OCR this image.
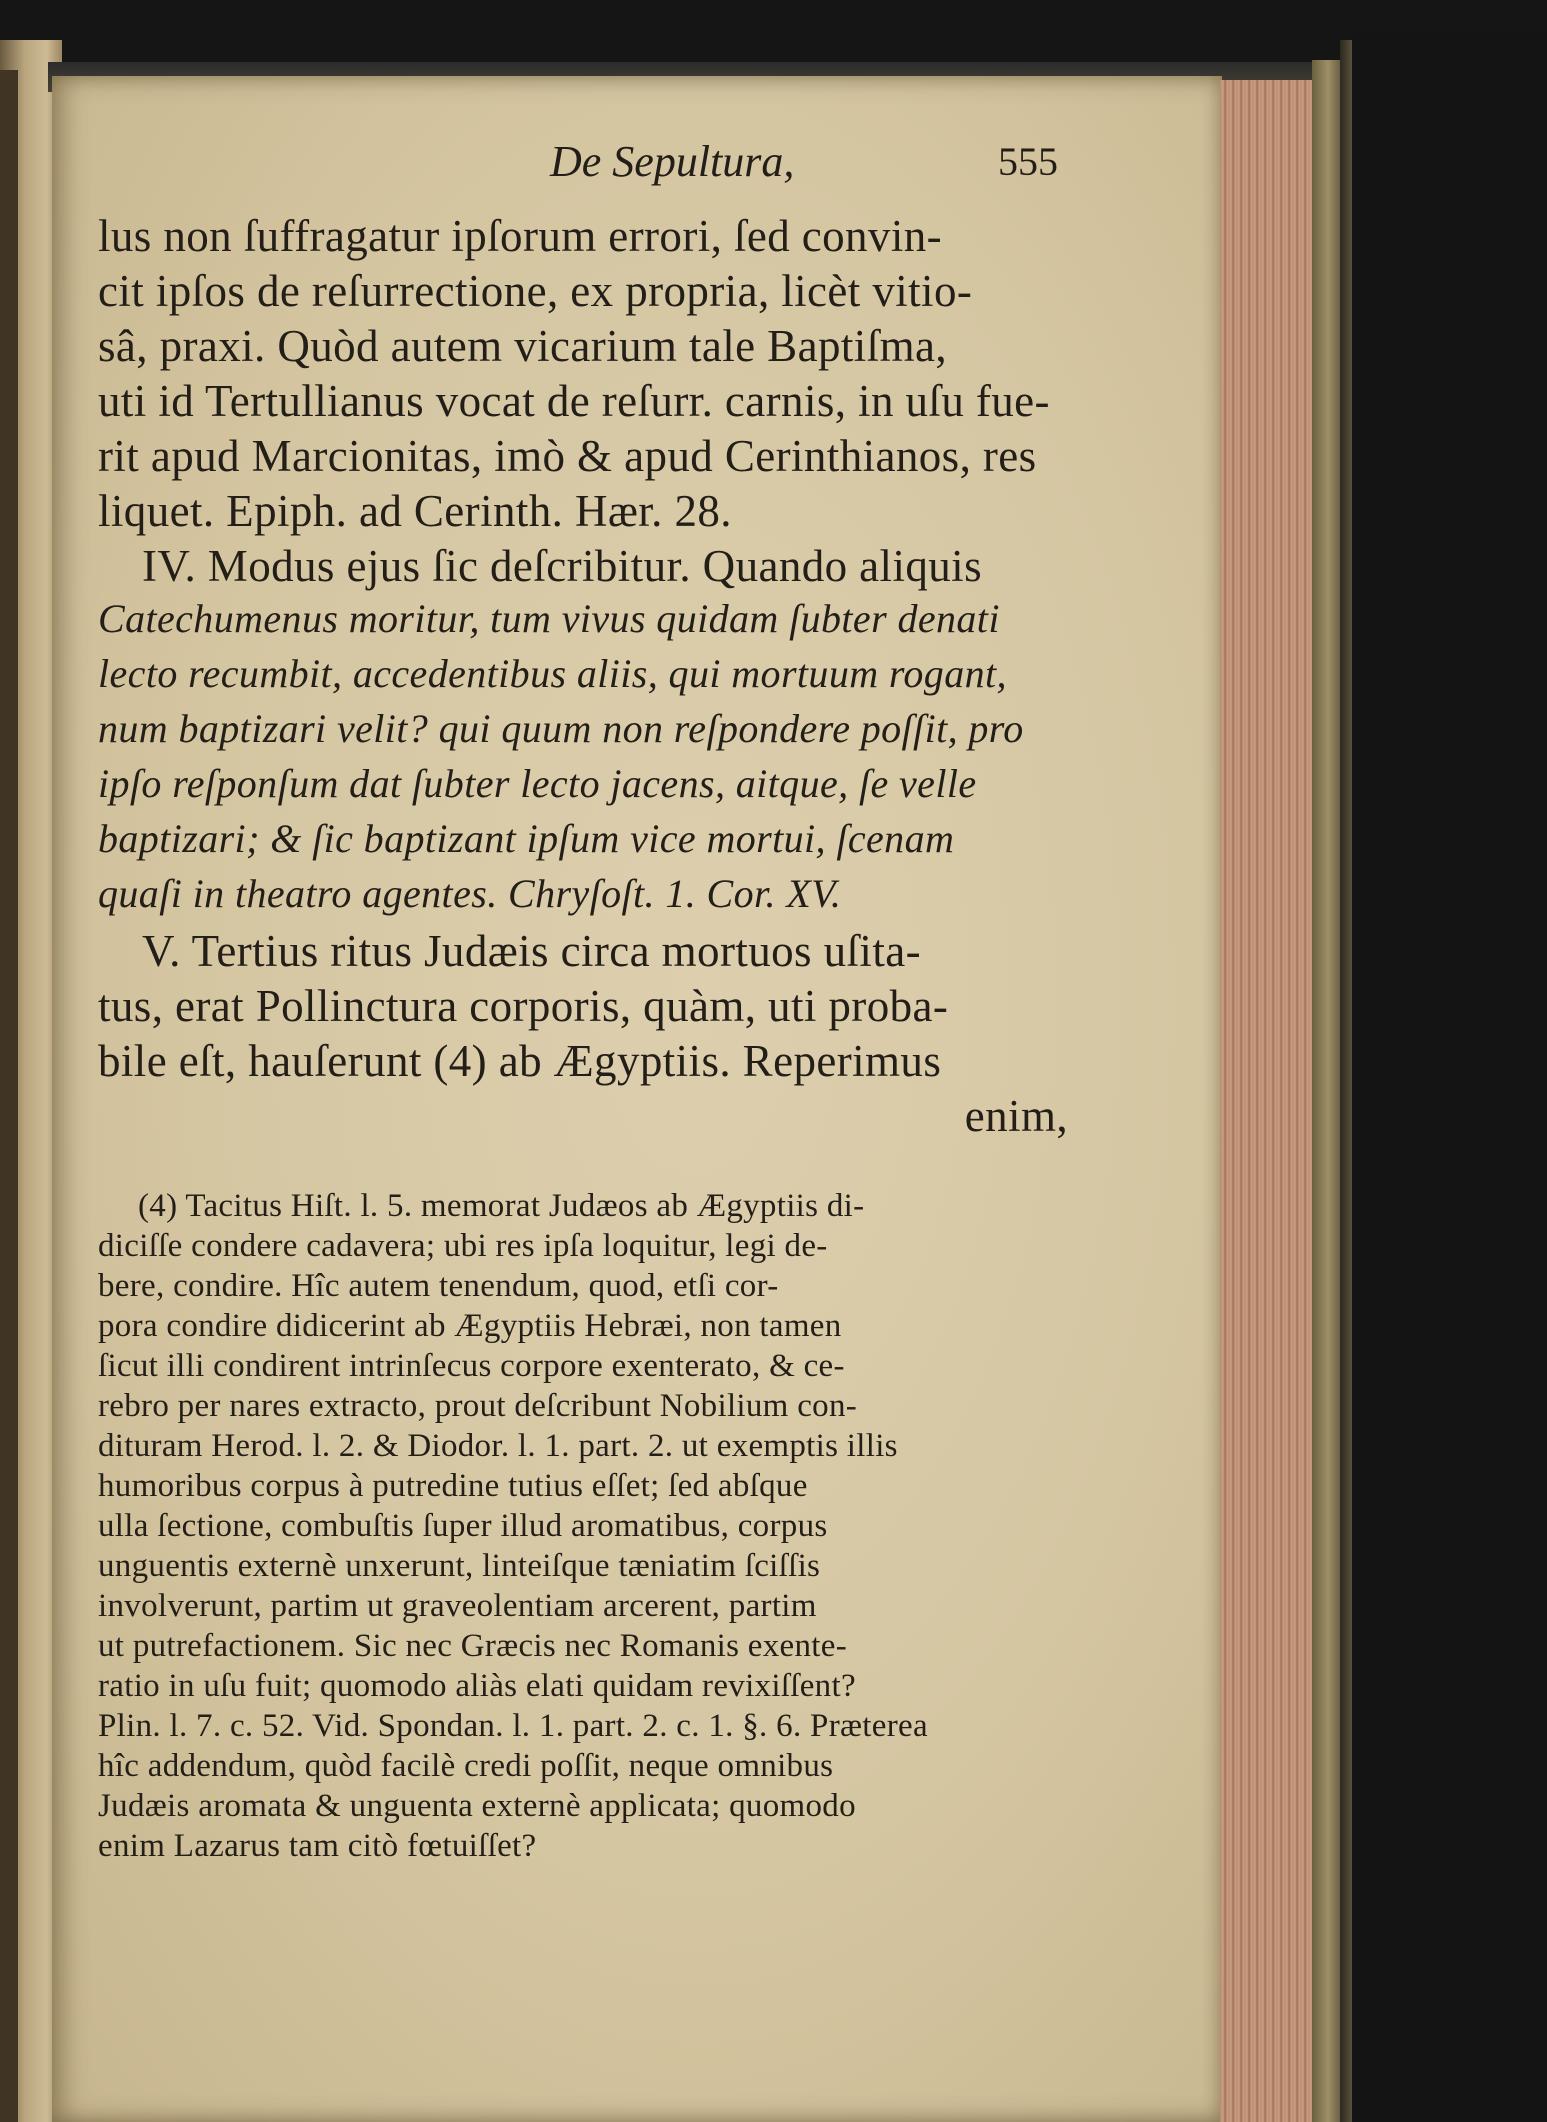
De Sepultura,	555
lus non ſuffragatur ipſorum errori, ſed convin-
cit ipſos de reſurrectione, ex propria, licèt vitio-
sâ, praxi. Quòd autem vicarium tale Baptiſma,
uti id Tertullianus vocat de reſurr. carnis, in uſu fue-
rit apud Marcionitas, imò & apud Cerinthianos, res
liquet. Epiph. ad Cerinth. Hær. 28.
IV. Modus ejus ſic deſcribitur. Quando aliquis
Catechumenus moritur, tum vivus quidam ſubter denati
lecto recumbit, accedentibus aliis, qui mortuum rogant,
num baptizari velit? qui quum non reſpondere poſſit, pro
ipſo reſponſum dat ſubter lecto jacens, aitque, ſe velle
baptizari; & ſic baptizant ipſum vice mortui, ſcenam
quaſi in theatro agentes. Chryſoſt. 1. Cor. XV.
V. Tertius ritus Judæis circa mortuos uſita-
tus, erat Pollinctura corporis, quàm, uti proba-
bile eſt, hauſerunt (4) ab Ægyptiis. Reperimus
enim,
(4) Tacitus Hiſt. l. 5. memorat Judæos ab Ægyptiis di-
diciſſe condere cadavera; ubi res ipſa loquitur, legi de-
bere, condire. Hîc autem tenendum, quod, etſi cor-
pora condire didicerint ab Ægyptiis Hebræi, non tamen
ſicut illi condirent intrinſecus corpore exenterato, & ce-
rebro per nares extracto, prout deſcribunt Nobilium con-
dituram Herod. l. 2. & Diodor. l. 1. part. 2. ut exemptis illis
humoribus corpus à putredine tutius eſſet; ſed abſque
ulla ſectione, combuſtis ſuper illud aromatibus, corpus
unguentis externè unxerunt, linteiſque tæniatim ſciſſis
involverunt, partim ut graveolentiam arcerent, partim
ut putrefactionem. Sic nec Græcis nec Romanis exente-
ratio in uſu fuit; quomodo aliàs elati quidam revixiſſent?
Plin. l. 7. c. 52. Vid. Spondan. l. 1. part. 2. c. 1. §. 6. Præterea
hîc addendum, quòd facilè credi poſſit, neque omnibus
Judæis aromata & unguenta externè applicata; quomodo
enim Lazarus tam citò fœtuiſſet?
